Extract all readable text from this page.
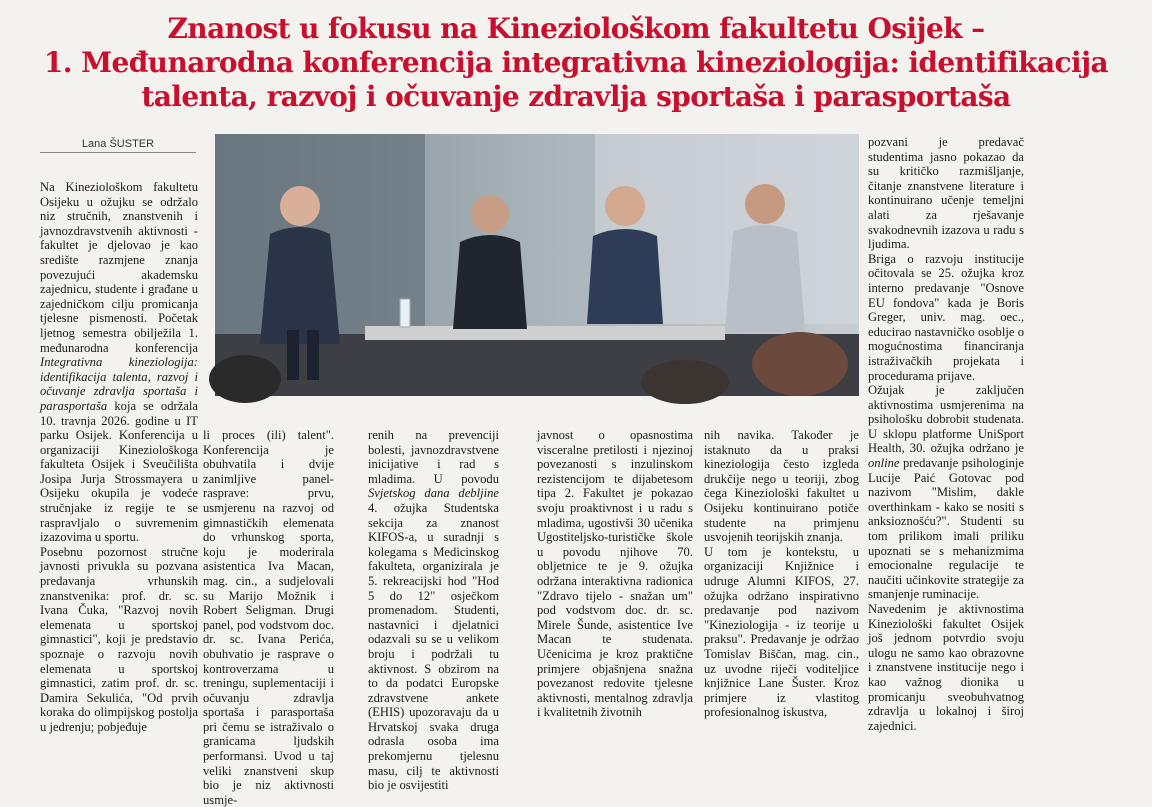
Znanost u fokusu na Kineziološkom fakultetu Osijek –
1. Međunarodna konferencija integrativna kineziologija: identifikacija
talenta, razvoj i očuvanje zdravlja sportaša i parasportaša
Lana ŠUSTER

Na Kineziološkom fakultetu Osijeku u ožujku se održalo niz stručnih, znanstvenih i javnozdravstvenih aktivnosti - fakultet je djelovao je kao središte razmjene znanja povezujući akademsku zajednicu, studente i građane u zajedničkom cilju promicanja tjelesne pismenosti. Početak ljetnog semestra obilježila 1. međunarodna konferencija Integrativna kineziologija: identifikacija talenta, razvoj i očuvanje zdravlja sportaša i parasportaša koja se održala 10. travnja 2026. godine u IT parku Osijek. Konferencija u organizaciji Kineziološkoga fakulteta Osijek i Sveučilišta Josipa Jurja Strossmayera u Osijeku okupila je vodeće stručnjake iz regije te se raspravljalo o suvremenim izazovima u sportu.

Posebnu pozornost stručne javnosti privukla su pozvana predavanja vrhunskih znanstvenika: prof. dr. sc. Ivana Čuka, "Razvoj novih elemenata u sportskoj gimnastici", koji je predstavio spoznaje o razvoju novih elemenata u sportskoj gimnastici, zatim prof. dr. sc. Damira Sekulića, "Od prvih koraka do olimpijskog postolja u jedrenju; pobjeđuje

li proces (ili) talent". Konferencija je obuhvatila i dvije zanimljive panel-rasprave: prvu, usmjerenu na razvoj od gimnastičkih elemenata do vrhunskog sporta, koju je moderirala asistentica Iva Macan, mag. cin., a sudjelovali su Marijo Možnik i Robert Seligman. Drugi panel, pod vodstvom doc. dr. sc. Ivana Perića, obuhvatio je rasprave o kontroverzama u treningu, suplementaciji i očuvanju zdravlja sportaša i parasportaša pri čemu se istraživalo o granicama ljudskih performansi. Uvod u taj veliki znanstveni skup bio je niz aktivnosti usmje-
renih na prevenciji bolesti, javnozdravstvene inicijative i rad s mladima. U povodu Svjetskog dana debljine 4. ožujka Studentska sekcija za znanost KIFOS-a, u suradnji s kolegama s Medicinskog fakulteta, organizirala je 5. rekreacijski hod "Hod 5 do 12" osječkom promenadom. Studenti, nastavnici i djelatnici odazvali su se u velikom broju i podržali tu aktivnost. S obzirom na to da podatci Europske zdravstvene ankete (EHIS) upozoravaju da u Hrvatskoj svaka druga odrasla osoba ima prekomjernu tjelesnu masu, cilj te aktivnosti bio je osvijestiti
javnost o opasnostima visceralne pretilosti i njezinoj povezanosti s inzulinskom rezistencijom te dijabetesom tipa 2. Fakultet je pokazao svoju proaktivnost i u radu s mladima, ugostivši 30 učenika Ugostiteljsko-turističke škole u povodu njihove 70. obljetnice te je 9. ožujka održana interaktivna radionica "Zdravo tijelo - snažan um" pod vodstvom doc. dr. sc. Mirele Šunde, asistentice Ive Macan te studenata. Učenicima je kroz praktične primjere objašnjena snažna povezanost redovite tjelesne aktivnosti, mentalnog zdravlja i kvalitetnih životnih
nih navika. Također je istaknuto da u praksi kineziologija često izgleda drukčije nego u teoriji, zbog čega Kineziološki fakultet u Osijeku kontinuirano potiče studente na primjenu usvojenih teorijskih znanja.
U tom je kontekstu, u organizaciji Knjižnice i udruge Alumni KIFOS, 27. ožujka održano inspirativno predavanje pod nazivom "Kineziologija - iz teorije u praksu". Predavanje je održao Tomislav Biščan, mag. cin., uz uvodne riječi voditeljice knjižnice Lane Šuster. Kroz primjere iz vlastitog profesionalnog iskustva,

pozvani je predavač studentima jasno pokazao da su kritičko razmišljanje, čitanje znanstvene literature i kontinuirano učenje temeljni alati za rješavanje svakodnevnih izazova u radu s ljudima.

Briga o razvoju institucije očitovala se 25. ožujka kroz interno predavanje "Osnove EU fondova" kada je Boris Greger, univ. mag. oec., educirao nastavničko osoblje o mogućnostima financiranja istraživačkih projekata i procedurama prijave.

Ožujak je zaključen aktivnostima usmjerenima na psihološku dobrobit studenata. U sklopu platforme UniSport Health, 30. ožujka održano je online predavanje psihologinje Lucije Paić Gotovac pod nazivom "Mislim, dakle overthinkam - kako se nositi s anksioznošću?". Studenti su tom prilikom imali priliku upoznati se s mehanizmima emocionalne regulacije te naučiti učinkovite strategije za smanjenje ruminacije.

Navedenim je aktivnostima Kineziološki fakultet Osijek još jednom potvrdio svoju ulogu ne samo kao obrazovne i znanstvene institucije nego i kao važnog dionika u promicanju sveobuhvatnog zdravlja u lokalnoj i široj zajednici.
